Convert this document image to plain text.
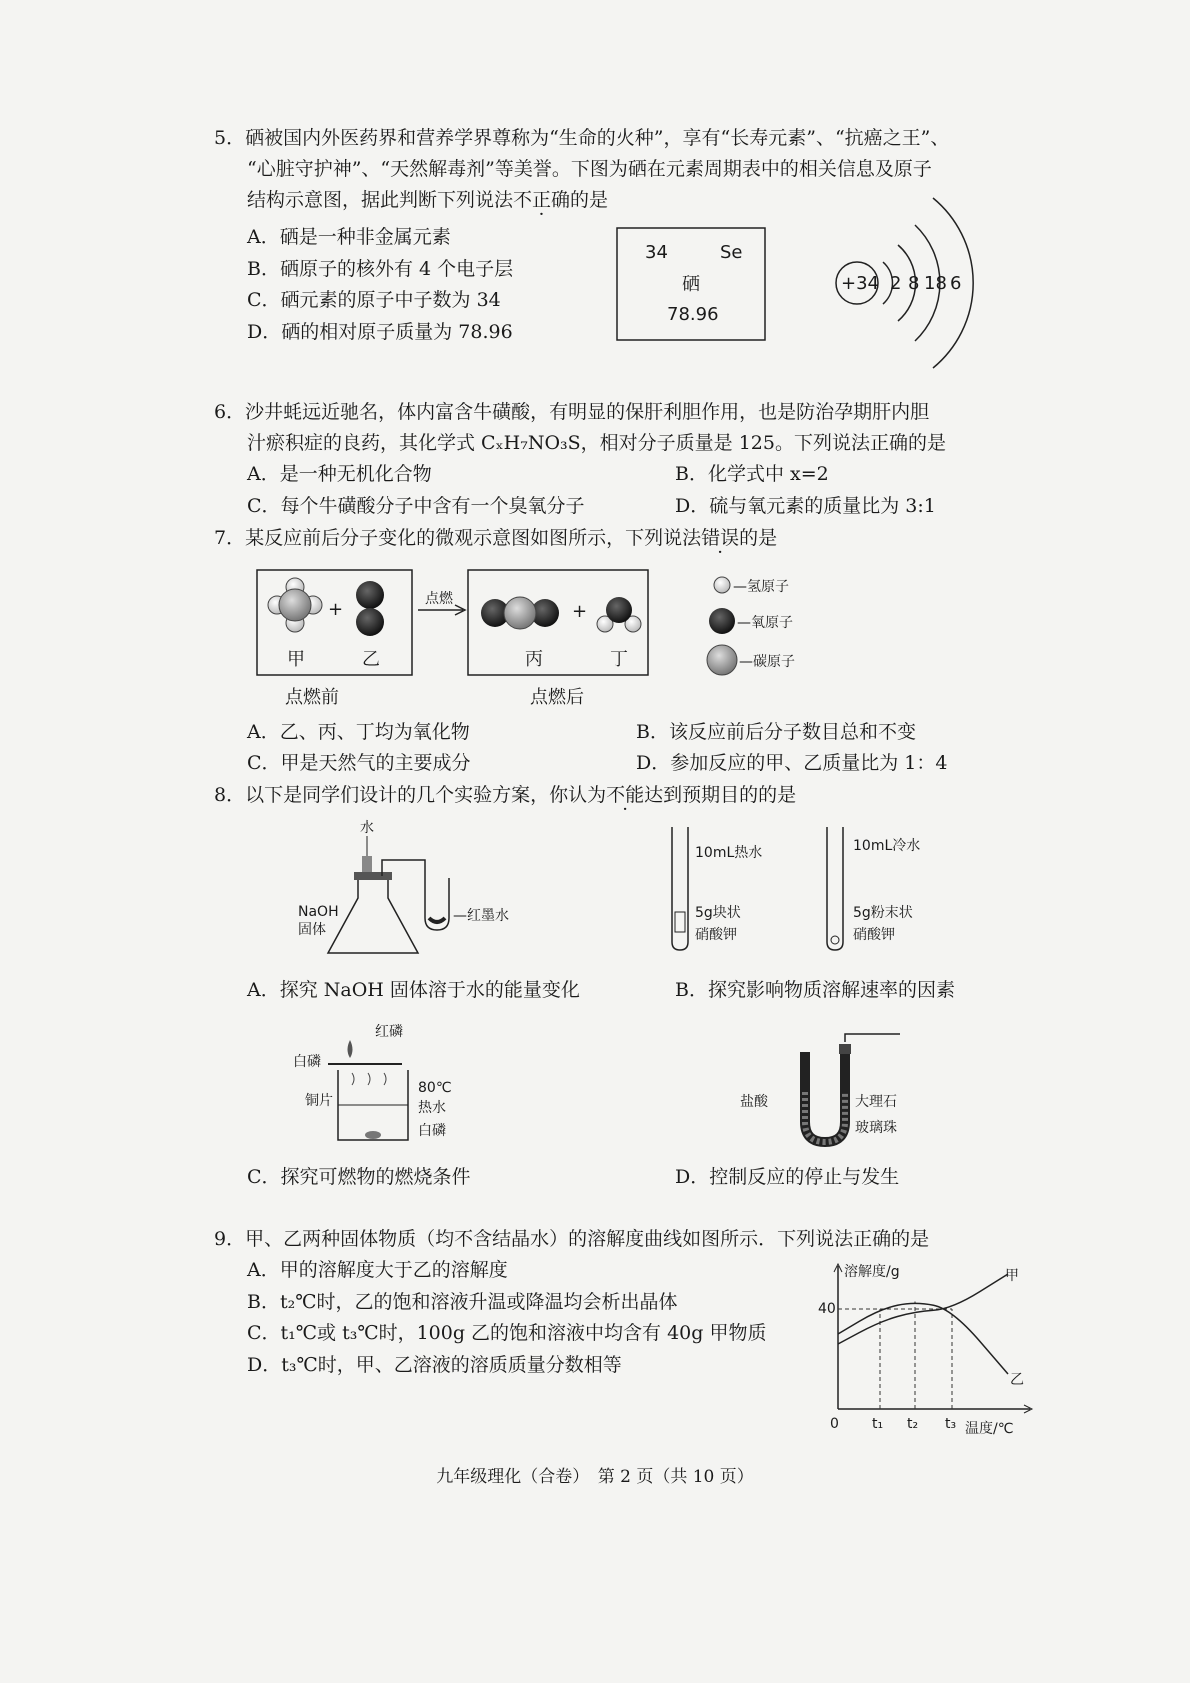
5．硒被国内外医药界和营养学界尊称为“生命的火种”，享有“长寿元素”、“抗癌之王”、
“心脏守护神”、“天然解毒剂”等美誉。下图为硒在元素周期表中的相关信息及原子
结构示意图，据此判断下列说法不正确的是
A．硒是一种非金属元素
B．硒原子的核外有 4 个电子层
C．硒元素的原子中子数为 34
D．硒的相对原子质量为 78.96
34	Se
硒
78.96
+34 2 8 18 6
6．沙井蚝远近驰名，体内富含牛磺酸，有明显的保肝利胆作用，也是防治孕期肝内胆
汁瘀积症的良药，其化学式 CₓH₇NO₃S，相对分子质量是 125。下列说法正确的是
A．是一种无机化合物	B．化学式中 x=2
C．每个牛磺酸分子中含有一个臭氧分子	D．硫与氧元素的质量比为 3:1
7．某反应前后分子变化的微观示意图如图所示，下列说法错误的是
+
甲	乙
点燃前
点燃
+
丙	丁
点燃后
—氢原子
—氧原子
—碳原子
A．乙、丙、丁均为氧化物	B．该反应前后分子数目总和不变
C．甲是天然气的主要成分	D．参加反应的甲、乙质量比为 1：4
8．以下是同学们设计的几个实验方案，你认为不能达到预期目的的是
水
NaOH
固体
—红墨水
10mL热水
5g块状
硝酸钾
10mL冷水
5g粉末状
硝酸钾
A．探究 NaOH 固体溶于水的能量变化	B．探究影响物质溶解速率的因素
红磷
白磷
铜片
80℃
热水
白磷
盐酸	大理石
玻璃珠
C．探究可燃物的燃烧条件	D．控制反应的停止与发生
9．甲、乙两种固体物质（均不含结晶水）的溶解度曲线如图所示．下列说法正确的是
A．甲的溶解度大于乙的溶解度
B．t₂℃时，乙的饱和溶液升温或降温均会析出晶体
C．t₁℃或 t₃℃时，100g 乙的饱和溶液中均含有 40g 甲物质
D．t₃℃时，甲、乙溶液的溶质质量分数相等
溶解度/g
温度/℃
0 t₁ t₂ t₃
40
甲
乙
九年级理化（合卷）　第 2 页（共 10 页）
